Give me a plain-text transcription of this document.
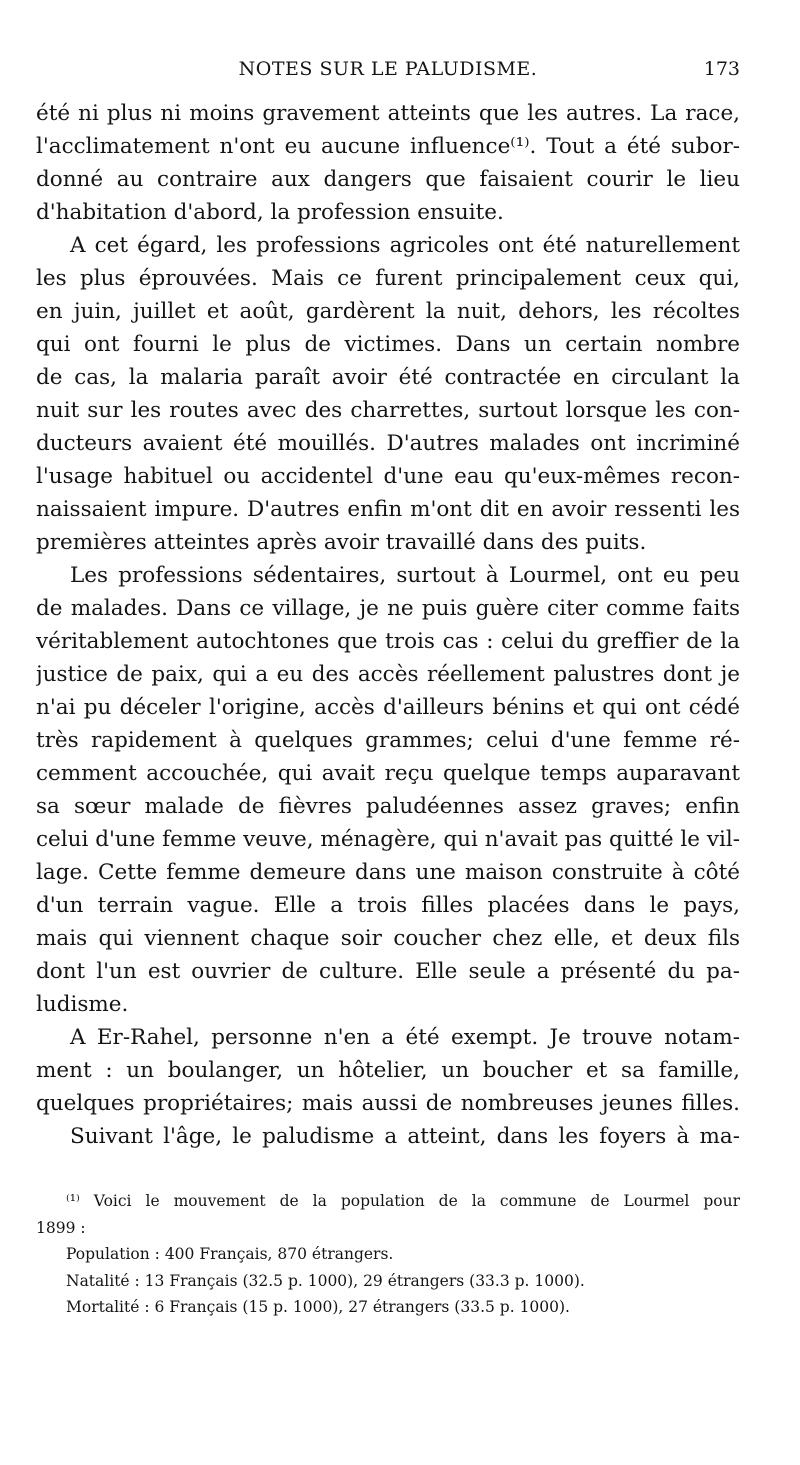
NOTES SUR LE PALUDISME.	173
été ni plus ni moins gravement atteints que les autres. La race,
l'acclimatement n'ont eu aucune influence⁽¹⁾. Tout a été subor-
donné au contraire aux dangers que faisaient courir le lieu
d'habitation d'abord, la profession ensuite.
A cet égard, les professions agricoles ont été naturellement
les plus éprouvées. Mais ce furent principalement ceux qui,
en juin, juillet et août, gardèrent la nuit, dehors, les récoltes
qui ont fourni le plus de victimes. Dans un certain nombre
de cas, la malaria paraît avoir été contractée en circulant la
nuit sur les routes avec des charrettes, surtout lorsque les con-
ducteurs avaient été mouillés. D'autres malades ont incriminé
l'usage habituel ou accidentel d'une eau qu'eux-mêmes recon-
naissaient impure. D'autres enfin m'ont dit en avoir ressenti les
premières atteintes après avoir travaillé dans des puits.
Les professions sédentaires, surtout à Lourmel, ont eu peu
de malades. Dans ce village, je ne puis guère citer comme faits
véritablement autochtones que trois cas : celui du greffier de la
justice de paix, qui a eu des accès réellement palustres dont je
n'ai pu déceler l'origine, accès d'ailleurs bénins et qui ont cédé
très rapidement à quelques grammes; celui d'une femme ré-
cemment accouchée, qui avait reçu quelque temps auparavant
sa sœur malade de fièvres paludéennes assez graves; enfin
celui d'une femme veuve, ménagère, qui n'avait pas quitté le vil-
lage. Cette femme demeure dans une maison construite à côté
d'un terrain vague. Elle a trois filles placées dans le pays,
mais qui viennent chaque soir coucher chez elle, et deux fils
dont l'un est ouvrier de culture. Elle seule a présenté du pa-
ludisme.
A Er-Rahel, personne n'en a été exempt. Je trouve notam-
ment : un boulanger, un hôtelier, un boucher et sa famille,
quelques propriétaires; mais aussi de nombreuses jeunes filles.
Suivant l'âge, le paludisme a atteint, dans les foyers à ma-
⁽¹⁾ Voici le mouvement de la population de la commune de Lourmel pour
1899 :
Population : 400 Français, 870 étrangers.
Natalité : 13 Français (32.5 p. 1000), 29 étrangers (33.3 p. 1000).
Mortalité : 6 Français (15 p. 1000), 27 étrangers (33.5 p. 1000).
